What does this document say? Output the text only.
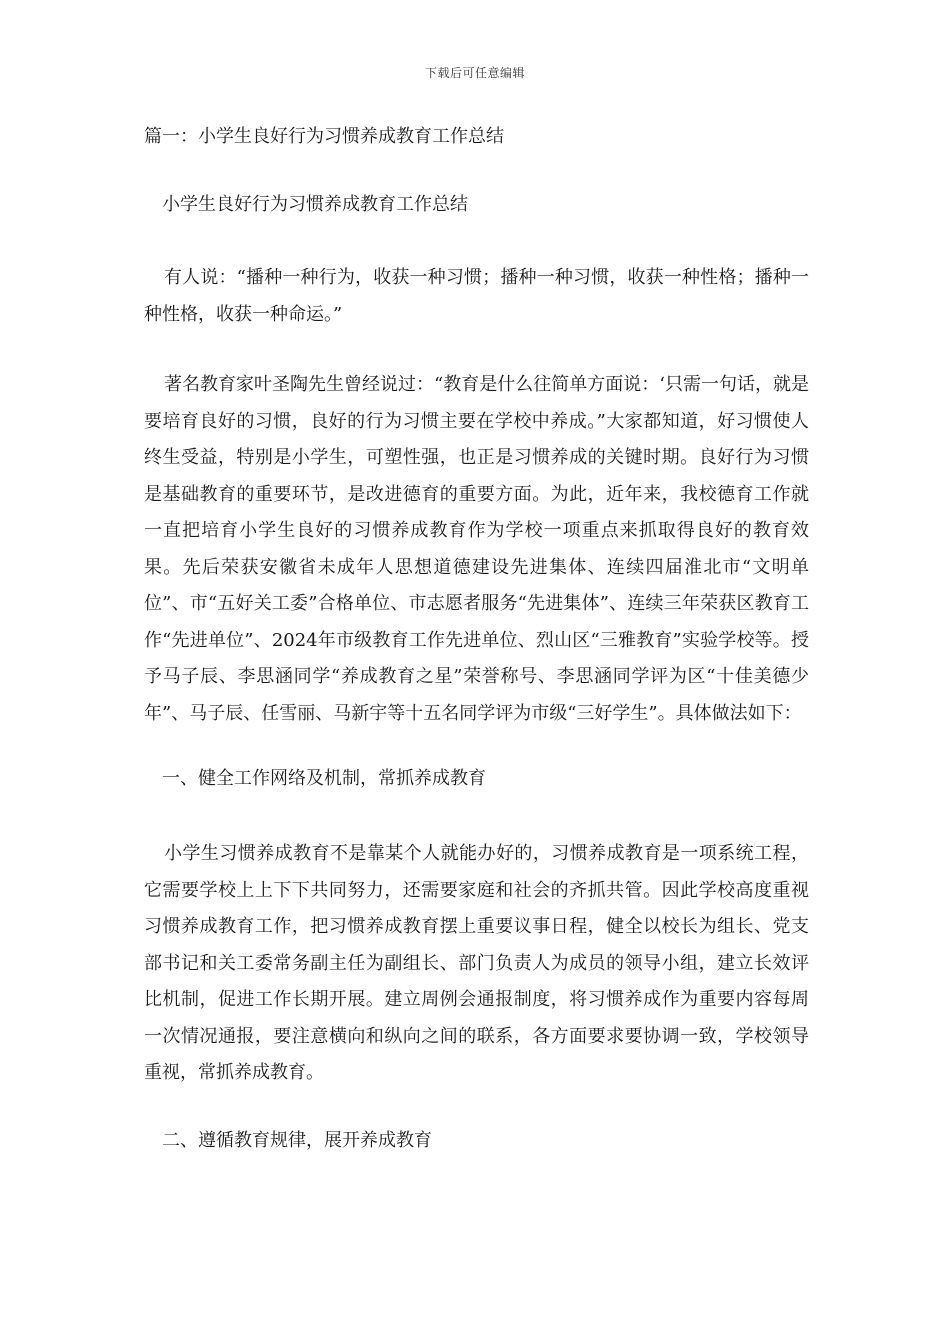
下载后可任意编辑

篇一：小学生良好行为习惯养成教育工作总结

小学生良好行为习惯养成教育工作总结

有人说：“播种一种行为，收获一种习惯；播种一种习惯，收获一种性格；播种一种性格，收获一种命运。”

著名教育家叶圣陶先生曾经说过：“教育是什么往简单方面说：‘只需一句话，就是要培育良好的习惯，良好的行为习惯主要在学校中养成。”大家都知道，好习惯使人终生受益，特别是小学生，可塑性强，也正是习惯养成的关键时期。良好行为习惯是基础教育的重要环节，是改进德育的重要方面。为此，近年来，我校德育工作就一直把培育小学生良好的习惯养成教育作为学校一项重点来抓取得良好的教育效果。先后荣获安徽省未成年人思想道德建设先进集体、连续四届淮北市“文明单位”、市“五好关工委”合格单位、市志愿者服务“先进集体”、连续三年荣获区教育工作“先进单位”、2024年市级教育工作先进单位、烈山区“三雅教育”实验学校等。授予马子辰、李思涵同学“养成教育之星”荣誉称号、李思涵同学评为区“十佳美德少年”、马子辰、任雪丽、马新宇等十五名同学评为市级“三好学生”。具体做法如下：

一、健全工作网络及机制，常抓养成教育

小学生习惯养成教育不是靠某个人就能办好的，习惯养成教育是一项系统工程，它需要学校上上下下共同努力，还需要家庭和社会的齐抓共管。因此学校高度重视习惯养成教育工作，把习惯养成教育摆上重要议事日程，健全以校长为组长、党支部书记和关工委常务副主任为副组长、部门负责人为成员的领导小组，建立长效评比机制，促进工作长期开展。建立周例会通报制度，将习惯养成作为重要内容每周一次情况通报，要注意横向和纵向之间的联系，各方面要求要协调一致，学校领导重视，常抓养成教育。

二、遵循教育规律，展开养成教育
